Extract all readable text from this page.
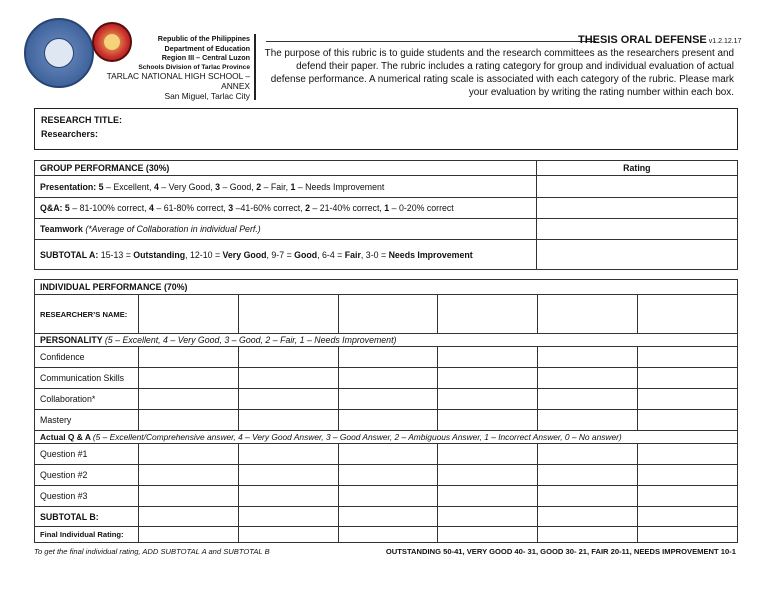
Republic of the Philippines
Department of Education
Region III – Central Luzon
Schools Division of Tarlac Province
TARLAC NATIONAL HIGH SCHOOL – ANNEX
San Miguel, Tarlac City
THESIS ORAL DEFENSE v1.2.12.17
The purpose of this rubric is to guide students and the research committees as the researchers present and defend their paper. The rubric includes a rating category for group and individual evaluation of actual defense performance. A numerical rating scale is associated with each category of the rubric. Please mark your evaluation by writing the rating number within each box.
RESEARCH TITLE:
Researchers:
GROUP PERFORMANCE (30%)	Rating
Presentation: 5 – Excellent, 4 – Very Good, 3 – Good, 2 – Fair, 1 – Needs Improvement	
Q&A: 5 – 81-100% correct, 4 – 61-80% correct, 3 –41-60% correct, 2 – 21-40% correct, 1 – 0-20% correct	
Teamwork (*Average of Collaboration in individual Perf.)	
SUBTOTAL A: 15-13 = Outstanding, 12-10 = Very Good, 9-7 = Good, 6-4 = Fair, 3-0 = Needs Improvement	
INDIVIDUAL PERFORMANCE (70%)						
RESEARCHER’S NAME:						
PERSONALITY (5 – Excellent, 4 – Very Good, 3 – Good, 2 – Fair, 1 – Needs Improvement)						
Confidence						
Communication Skills						
Collaboration*						
Mastery						
Actual Q & A (5 – Excellent/Comprehensive answer, 4 – Very Good Answer, 3 – Good Answer, 2 – Ambiguous Answer, 1 – Incorrect Answer, 0 – No answer)						
Question #1						
Question #2						
Question #3						
SUBTOTAL B:						
Final Individual Rating:						
To get the final individual rating, ADD SUBTOTAL A and SUBTOTAL B	OUTSTANDING 50-41, VERY GOOD 40- 31, GOOD 30- 21, FAIR 20-11, NEEDS IMPROVEMENT 10-1
